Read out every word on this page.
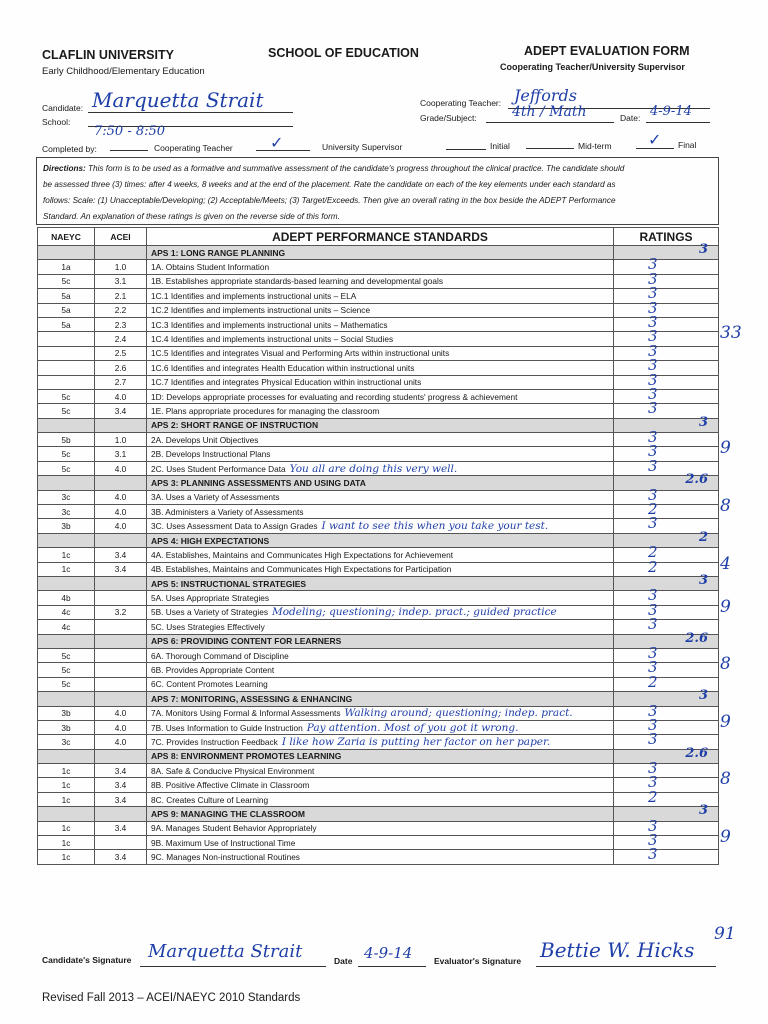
CLAFLIN UNIVERSITY	SCHOOL OF EDUCATION	ADEPT EVALUATION FORM
Early Childhood/Elementary Education	Cooperating Teacher/University Supervisor
Candidate: Marquetta Strait
School:
Cooperating Teacher: Jeffords
Grade/Subject:	4th / Math	Date: 4-9-14
7:50 - 8:50
Completed by:	Cooperating Teacher ✓	University Supervisor	Initial	Mid-term ✓ Final
Directions: This form is to be used as a formative and summative assessment of the candidate's progress throughout the clinical practice. The candidate should
be assessed three (3) times: after 4 weeks, 8 weeks and at the end of the placement. Rate the candidate on each of the key elements under each standard as
follows: Scale: (1) Unacceptable/Developing; (2) Acceptable/Meets; (3) Target/Exceeds. Then give an overall rating in the box beside the ADEPT Performance
Standard. An explanation of these ratings is given on the reverse side of this form.
NAEYC	ACEI	ADEPT PERFORMANCE STANDARDS	RATINGS
		APS 1: LONG RANGE PLANNING	3

1a	1.0	1A. Obtains Student Information	3

5c	3.1	1B. Establishes appropriate standards-based learning and developmental goals	3

5a	2.1	1C.1 Identifies and implements instructional units – ELA	3

5a	2.2	1C.2 Identifies and implements instructional units – Science	3

5a	2.3	1C.3 Identifies and implements instructional units – Mathematics	3

	2.4	1C.4 Identifies and implements instructional units – Social Studies	3 33

	2.5	1C.5 Identifies and integrates Visual and Performing Arts within instructional units	3

	2.6	1C.6 Identifies and integrates Health Education within instructional units	3

	2.7	1C.7 Identifies and integrates Physical Education within instructional units	3

5c	4.0	1D: Develops appropriate processes for evaluating and recording students' progress & achievement	3

5c	3.4	1E. Plans appropriate procedures for managing the classroom	3

		APS 2: SHORT RANGE OF INSTRUCTION	3

5b	1.0	2A. Develops Unit Objectives	3

5c	3.1	2B. Develops Instructional Plans	3 9

5c	4.0	2C. Uses Student Performance Data You all are doing this very well.	3

		APS 3: PLANNING ASSESSMENTS AND USING DATA	2.6

3c	4.0	3A. Uses a Variety of Assessments	3

3c	4.0	3B. Administers a Variety of Assessments	2 8

3b	4.0	3C. Uses Assessment Data to Assign Grades I want to see this when you take your test.	3

		APS 4: HIGH EXPECTATIONS	2

1c	3.4	4A. Establishes, Maintains and Communicates High Expectations for Achievement	2

1c	3.4	4B. Establishes, Maintains and Communicates High Expectations for Participation	2 4

		APS 5: INSTRUCTIONAL STRATEGIES	3

4b		5A. Uses Appropriate Strategies	3

4c	3.2	5B. Uses a Variety of Strategies Modeling; questioning; indep. pract.; guided practice	3 9

4c		5C. Uses Strategies Effectively	3

		APS 6: PROVIDING CONTENT FOR LEARNERS	2.6

5c		6A. Thorough Command of Discipline	3

5c		6B. Provides Appropriate Content	3 8

5c		6C. Content Promotes Learning	2

		APS 7: MONITORING, ASSESSING & ENHANCING	3

3b	4.0	7A. Monitors Using Formal & Informal Assessments Walking around; questioning; indep. pract.	3

3b	4.0	7B. Uses Information to Guide Instruction Pay attention. Most of you got it wrong.	3 9

3c	4.0	7C. Provides Instruction Feedback I like how Zaria is putting her factor on her paper.	3

		APS 8: ENVIRONMENT PROMOTES LEARNING	2.6

1c	3.4	8A. Safe & Conducive Physical Environment	3

1c	3.4	8B. Positive Affective Climate in Classroom	3 8

1c	3.4	8C. Creates Culture of Learning	2

		APS 9: MANAGING THE CLASSROOM	3

1c	3.4	9A. Manages Student Behavior Appropriately	3

1c		9B. Maximum Use of Instructional Time	3 9

1c	3.4	9C. Manages Non-instructional Routines	3
91
Candidate's Signature Marquetta Strait	Date 4-9-14	Evaluator's Signature Bettie W. Hicks
Revised Fall 2013 – ACEI/NAEYC 2010 Standards
